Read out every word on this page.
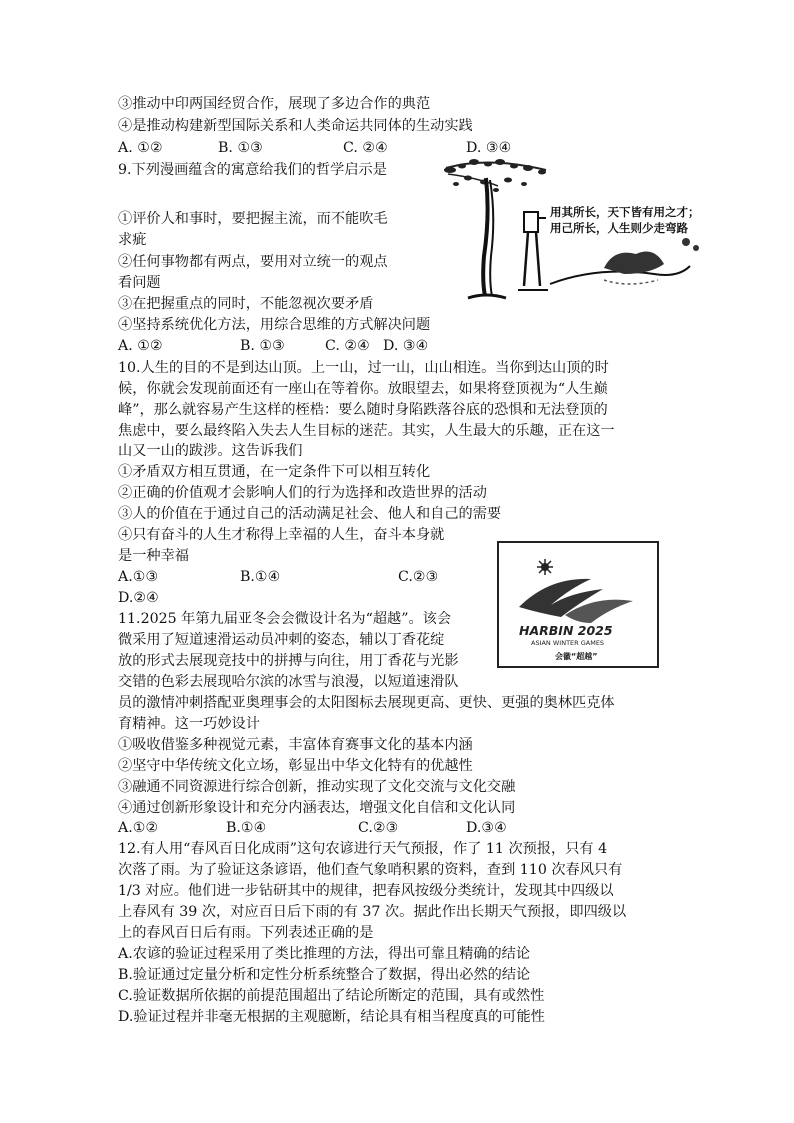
③推动中印两国经贸合作，展现了多边合作的典范
④是推动构建新型国际关系和人类命运共同体的生动实践
A. ①②	B. ①③	C. ②④	D. ③④
9.下列漫画蕴含的寓意给我们的哲学启示是
①评价人和事时，要把握主流，而不能吹毛
求疵
②任何事物都有两点，要用对立统一的观点
看问题
③在把握重点的同时，不能忽视次要矛盾
④坚持系统优化方法，用综合思维的方式解决问题
A. ①②	B. ①③	C. ②④ D. ③④
用其所长，天下皆有用之才；
用己所长，人生则少走弯路
10.人生的目的不是到达山顶。上一山，过一山，山山相连。当你到达山顶的时
候，你就会发现前面还有一座山在等着你。放眼望去，如果将登顶视为“人生巅
峰”，那么就容易产生这样的桎梏：要么随时身陷跌落谷底的恐惧和无法登顶的
焦虑中，要么最终陷入失去人生目标的迷茫。其实，人生最大的乐趣，正在这一
山又一山的跋涉。这告诉我们
①矛盾双方相互贯通，在一定条件下可以相互转化
②正确的价值观才会影响人们的行为选择和改造世界的活动
③人的价值在于通过自己的活动满足社会、他人和自己的需要
④只有奋斗的人生才称得上幸福的人生，奋斗本身就
是一种幸福
A.①③	B.①④	C.②③
D.②④
HARBIN 2025
ASIAN WINTER GAMES
会徽“超越”
11.2025 年第九届亚冬会会微设计名为“超越”。该会
微采用了短道速滑运动员冲刺的姿态，辅以丁香花绽
放的形式去展现竞技中的拼搏与向往，用丁香花与光影
交错的色彩去展现哈尔滨的冰雪与浪漫，以短道速滑队
员的激情冲刺搭配亚奥理事会的太阳图标去展现更高、更快、更强的奥林匹克体
育精神。这一巧妙设计
①吸收借鉴多种视觉元素，丰富体育赛事文化的基本内涵
②坚守中华传统文化立场，彰显出中华文化特有的优越性
③融通不同资源进行综合创新，推动实现了文化交流与文化交融
④通过创新形象设计和充分内涵表达，增强文化自信和文化认同
A.①②	B.①④	C.②③	D.③④
12.有人用“春风百日化成雨”这句农谚进行天气预报，作了 11 次预报，只有 4
次落了雨。为了验证这条谚语，他们查气象哨积累的资料，查到 110 次春风只有
1/3 对应。他们进一步钻研其中的规律，把春风按级分类统计，发现其中四级以
上春风有 39 次，对应百日后下雨的有 37 次。据此作出长期天气预报，即四级以
上的春风百日后有雨。下列表述正确的是
A.农谚的验证过程采用了类比推理的方法，得出可靠且精确的结论
B.验证通过定量分析和定性分析系统整合了数据，得出必然的结论
C.验证数据所依据的前提范围超出了结论所断定的范围，具有或然性
D.验证过程并非毫无根据的主观臆断，结论具有相当程度真的可能性
